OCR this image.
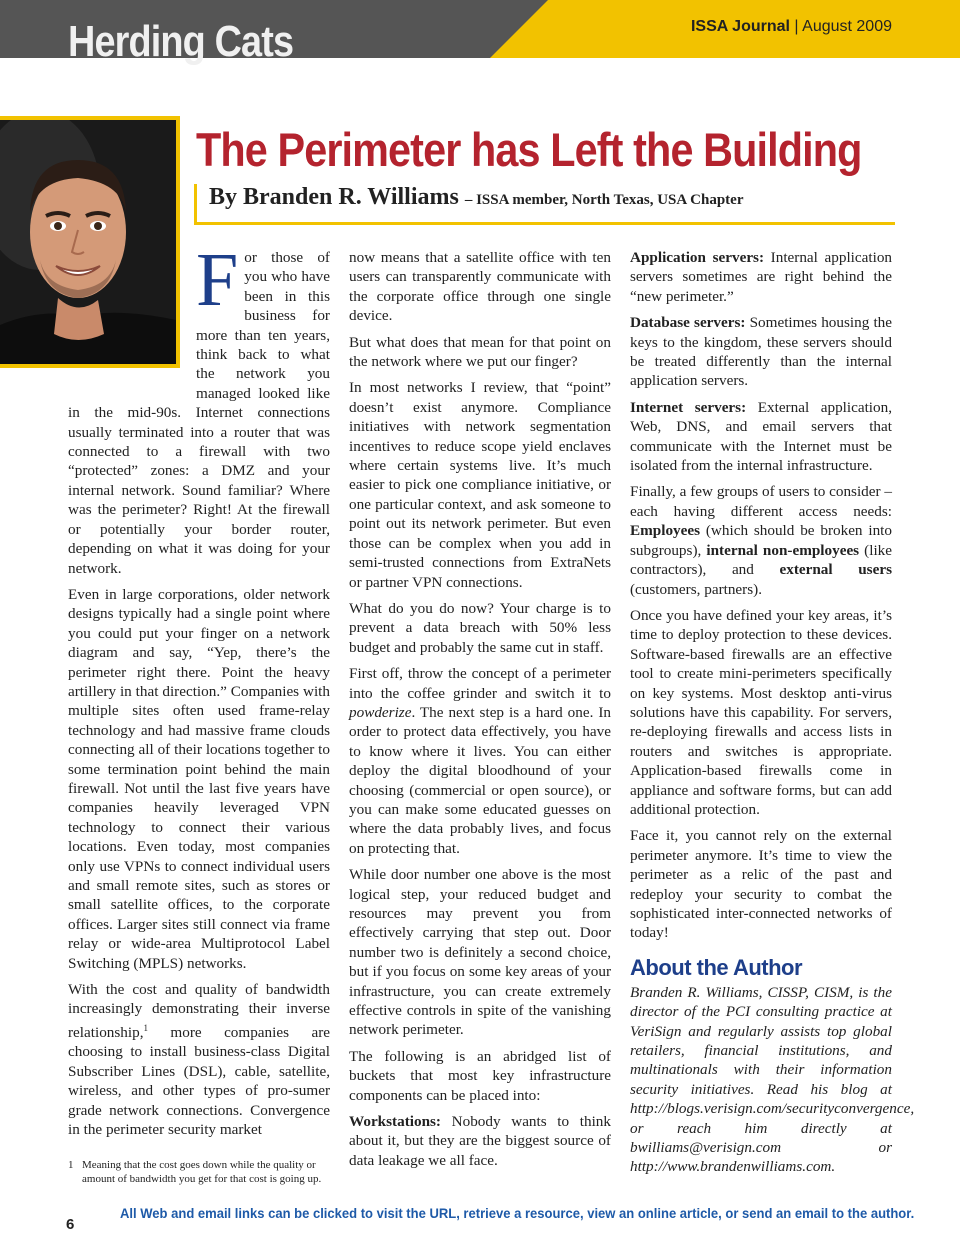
Herding Cats	ISSA Journal | August 2009
The Perimeter has Left the Building
By Branden R. Williams – ISSA member, North Texas, USA Chapter

For those of you who have been in this business for more than ten years, think back to what the network you managed looked like in the mid-90s. Internet connections usually terminated into a router that was connected to a firewall with two “protected” zones: a DMZ and your internal network. Sound familiar? Where was the perimeter? Right! At the firewall or potentially your border router, depending on what it was doing for your network.

Even in large corporations, older network designs typically had a single point where you could put your finger on a network diagram and say, “Yep, there’s the perimeter right there. Point the heavy artillery in that direction.” Companies with multiple sites often used frame-relay technology and had massive frame clouds connecting all of their locations together to some termination point behind the main firewall. Not until the last five years have companies heavily leveraged VPN technology to connect their various locations. Even today, most companies only use VPNs to connect individual users and small remote sites, such as stores or small satellite offices, to the corporate offices. Larger sites still connect via frame relay or wide-area Multiprotocol Label Switching (MPLS) networks.

With the cost and quality of bandwidth increasingly demonstrating their inverse relationship,$^1$ more companies are choosing to install business-class Digital Subscriber Lines (DSL), cable, satellite, wireless, and other types of pro-sumer grade network connections. Convergence in the perimeter security market

now means that a satellite office with ten users can transparently communicate with the corporate office through one single device.

But what does that mean for that point on the network where we put our finger?

In most networks I review, that “point” doesn’t exist anymore. Compliance initiatives with network segmentation incentives to reduce scope yield enclaves where certain systems live. It’s much easier to pick one compliance initiative, or one particular context, and ask someone to point out its network perimeter. But even those can be complex when you add in semi-trusted connections from ExtraNets or partner VPN connections.

What do you do now? Your charge is to prevent a data breach with 50% less budget and probably the same cut in staff.

First off, throw the concept of a perimeter into the coffee grinder and switch it to powderize. The next step is a hard one. In order to protect data effectively, you have to know where it lives. You can either deploy the digital bloodhound of your choosing (commercial or open source), or you can make some educated guesses on where the data probably lives, and focus on protecting that.

While door number one above is the most logical step, your reduced budget and resources may prevent you from effectively carrying that step out. Door number two is definitely a second choice, but if you focus on some key areas of your infrastructure, you can create extremely effective controls in spite of the vanishing network perimeter.

The following is an abridged list of buckets that most key infrastructure components can be placed into:

Workstations: Nobody wants to think about it, but they are the biggest source of data leakage we all face.

Application servers: Internal application servers sometimes are right behind the “new perimeter.”

Database servers: Sometimes housing the keys to the kingdom, these servers should be treated differently than the internal application servers.

Internet servers: External application, Web, DNS, and email servers that communicate with the Internet must be isolated from the internal infrastructure.

Finally, a few groups of users to consider – each having different access needs: Employees (which should be broken into subgroups), internal non-employees (like contractors), and external users (customers, partners).

Once you have defined your key areas, it’s time to deploy protection to these devices. Software-based firewalls are an effective tool to create mini-perimeters specifically on key systems. Most desktop anti-virus solutions have this capability. For servers, re-deploying firewalls and access lists in routers and switches is appropriate. Application-based firewalls come in appliance and software forms, but can add additional protection.

Face it, you cannot rely on the external perimeter anymore. It’s time to view the perimeter as a relic of the past and redeploy your security to combat the sophisticated inter-connected networks of today!

About the Author

Branden R. Williams, CISSP, CISM, is the director of the PCI consulting practice at VeriSign and regularly assists top global retailers, financial institutions, and multinationals with their information security initiatives. Read his blog at http://blogs.verisign.com/securityconvergence, or reach him directly at bwilliams@verisign.com or http://www.brandenwilliams.com.

1 Meaning that the cost goes down while the quality or amount of bandwidth you get for that cost is going up.
6
All Web and email links can be clicked to visit the URL, retrieve a resource, view an online article, or send an email to the author.
